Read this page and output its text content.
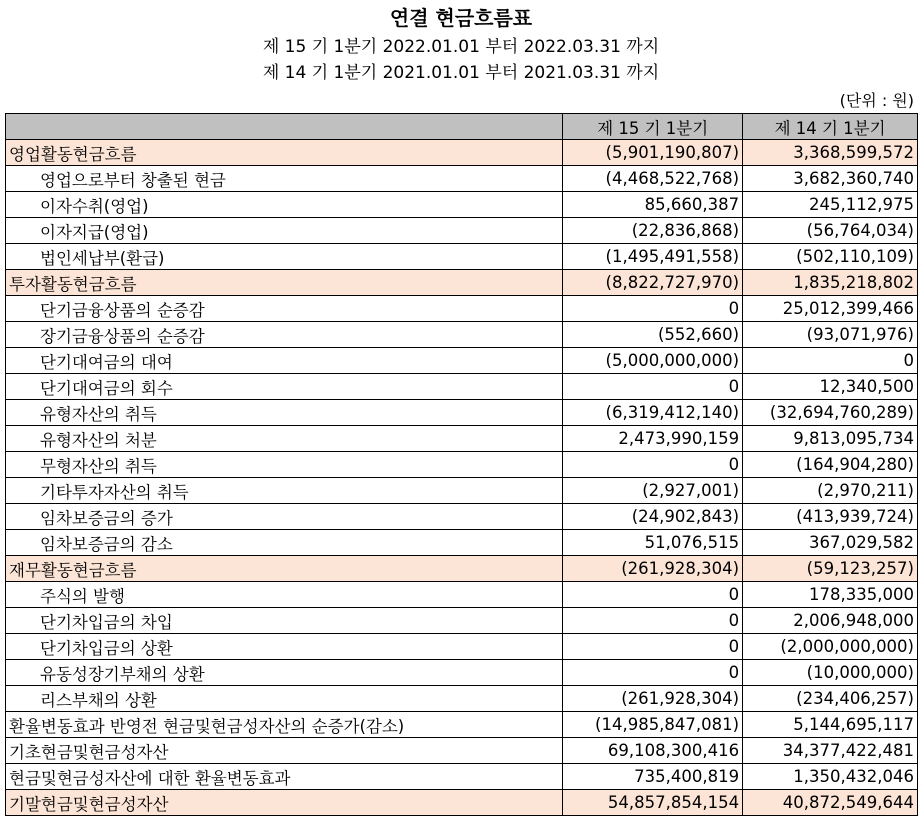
연결 현금흐름표
제 15 기 1분기 2022.01.01 부터 2022.03.31 까지
제 14 기 1분기 2021.01.01 부터 2021.03.31 까지
(단위 : 원)
	제 15 기 1분기	제 14 기 1분기
영업활동현금흐름	(5,901,190,807)	3,368,599,572
영업으로부터 창출된 현금	(4,468,522,768)	3,682,360,740
이자수취(영업)	85,660,387	245,112,975
이자지급(영업)	(22,836,868)	(56,764,034)
법인세납부(환급)	(1,495,491,558)	(502,110,109)
투자활동현금흐름	(8,822,727,970)	1,835,218,802
단기금융상품의 순증감	0	25,012,399,466
장기금융상품의 순증감	(552,660)	(93,071,976)
단기대여금의 대여	(5,000,000,000)	0
단기대여금의 회수	0	12,340,500
유형자산의 취득	(6,319,412,140)	(32,694,760,289)
유형자산의 처분	2,473,990,159	9,813,095,734
무형자산의 취득	0	(164,904,280)
기타투자자산의 취득	(2,927,001)	(2,970,211)
임차보증금의 증가	(24,902,843)	(413,939,724)
임차보증금의 감소	51,076,515	367,029,582
재무활동현금흐름	(261,928,304)	(59,123,257)
주식의 발행	0	178,335,000
단기차입금의 차입	0	2,006,948,000
단기차입금의 상환	0	(2,000,000,000)
유동성장기부채의 상환	0	(10,000,000)
리스부채의 상환	(261,928,304)	(234,406,257)
환율변동효과 반영전 현금및현금성자산의 순증가(감소)	(14,985,847,081)	5,144,695,117
기초현금및현금성자산	69,108,300,416	34,377,422,481
현금및현금성자산에 대한 환율변동효과	735,400,819	1,350,432,046
기말현금및현금성자산	54,857,854,154	40,872,549,644
